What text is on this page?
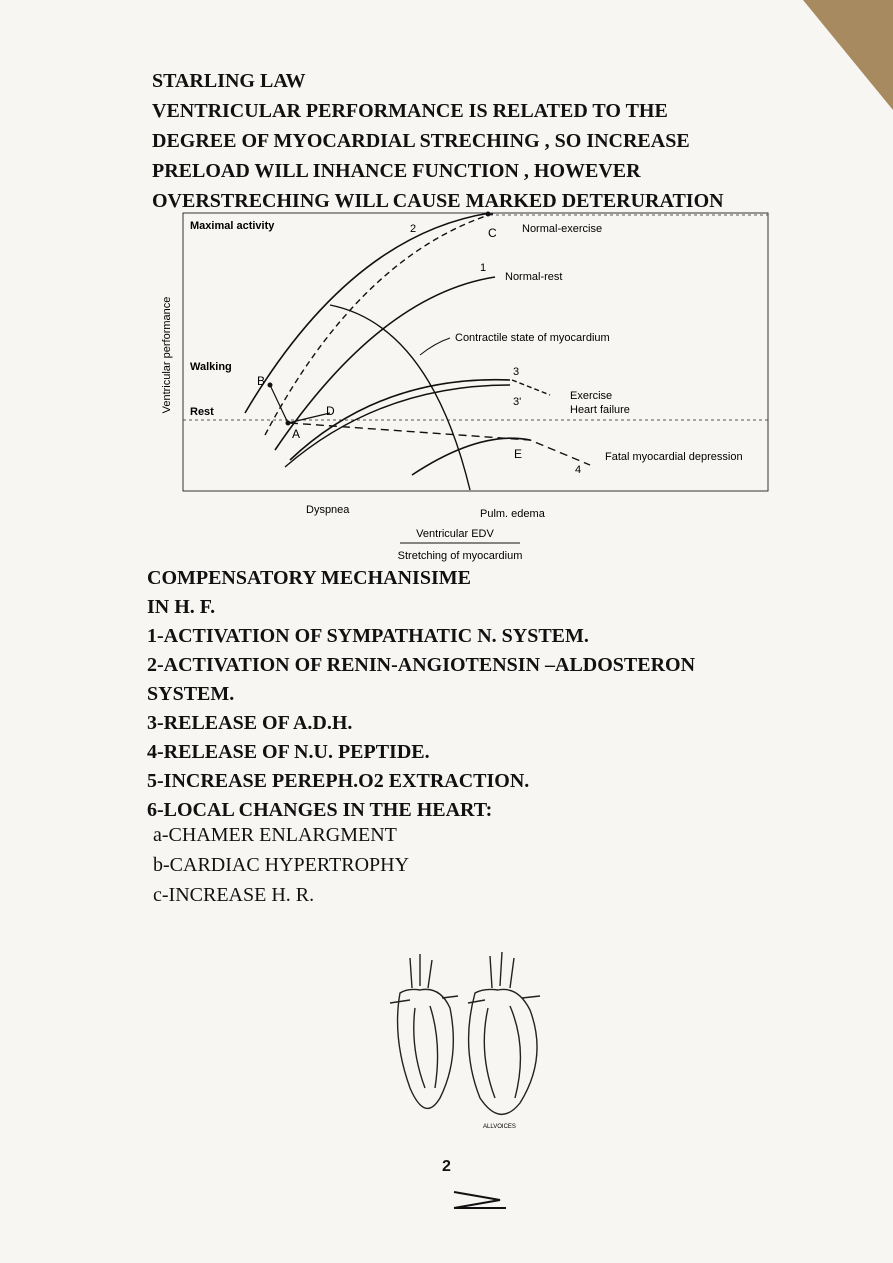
STARLING LAW
VENTRICULAR PERFORMANCE IS RELATED TO THE
DEGREE OF MYOCARDIAL STRECHING , SO INCREASE
PRELOAD WILL INHANCE FUNCTION , HOWEVER
OVERSTRECHING WILL CAUSE MARKED DETERURATION
Maximal activity
Walking
Rest
Ventricular performance
2	C Normal-exercise
1
Normal-rest
Contractile state of myocardium
3
3'	Exercise
Heart failure
4
Fatal myocardial depression
A
B
D
E
Dyspnea	Pulm. edema
Ventricular EDV
Stretching of myocardium
COMPENSATORY MECHANISIME
IN H. F.
1-ACTIVATION OF SYMPATHATIC N. SYSTEM.
2-ACTIVATION OF RENIN-ANGIOTENSIN –ALDOSTERON
SYSTEM.
3-RELEASE OF A.D.H.
4-RELEASE OF N.U. PEPTIDE.
5-INCREASE PEREPH.O2 EXTRACTION.
6-LOCAL CHANGES IN THE HEART:
a-CHAMER ENLARGMENT
b-CARDIAC HYPERTROPHY
c-INCREASE H. R.
ALLVOICES
2
